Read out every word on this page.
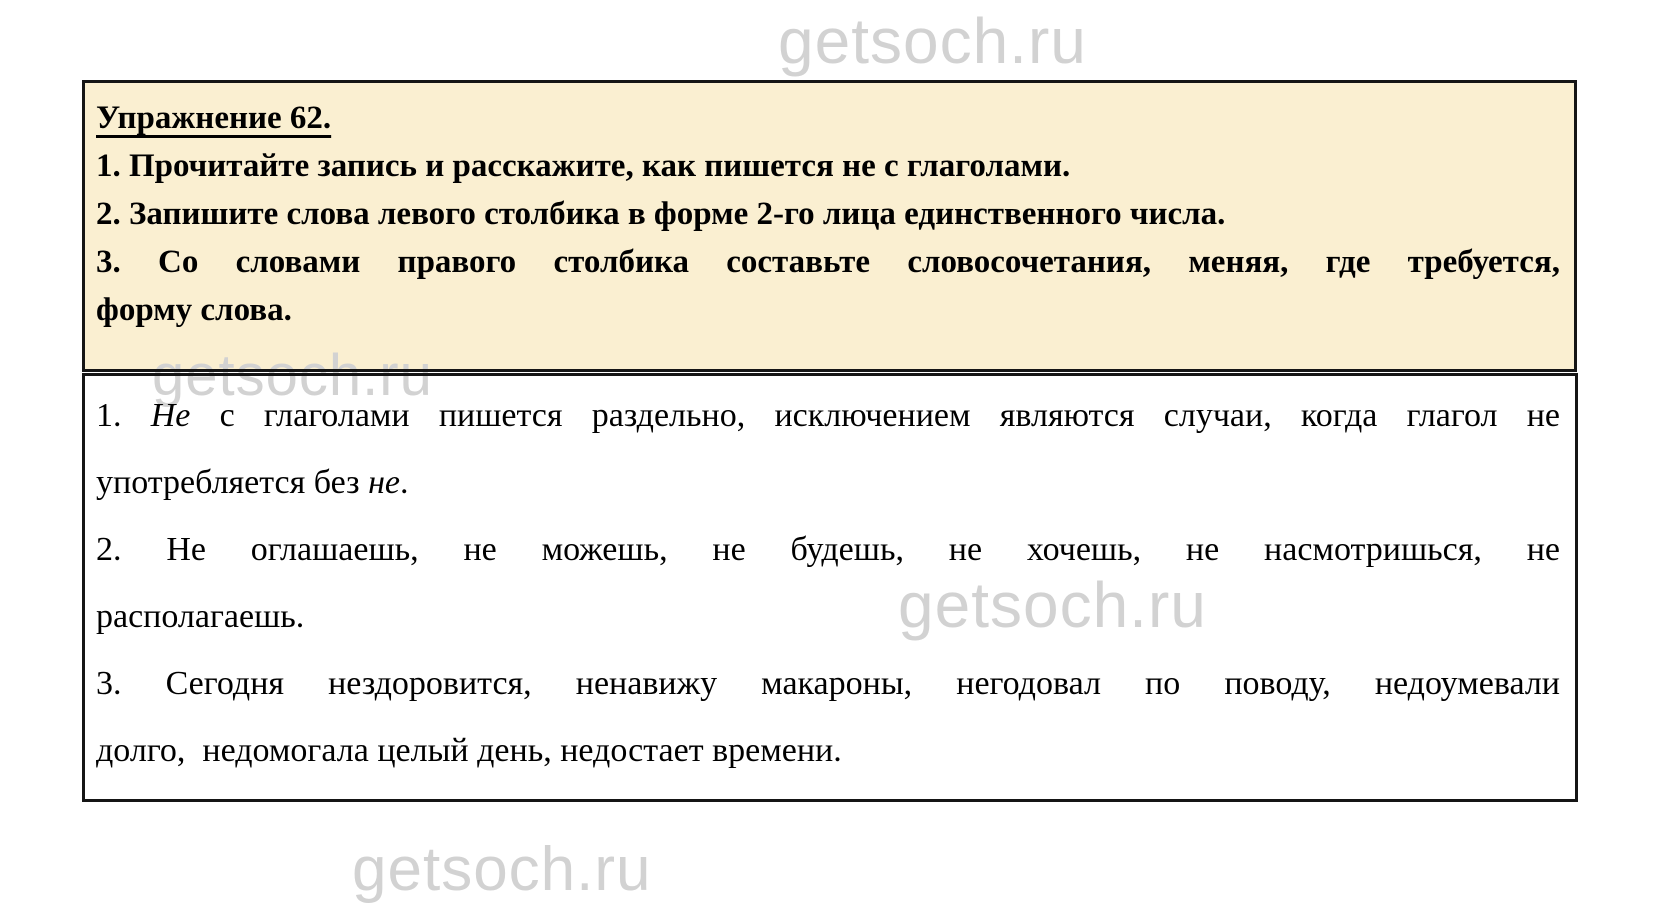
getsoch.ru
getsoch.ru
getsoch.ru
getsoch.ru
Упражнение 62.
1. Прочитайте запись и расскажите, как пишется не с глаголами.
2. Запишите слова левого столбика в форме 2-го лица единственного числа.
3. Со словами правого столбика составьте словосочетания, меняя, где требуется,
форму слова.
1. Не с глаголами пишется раздельно, исключением являются случаи, когда глагол не
употребляется без не.
2. Не оглашаешь, не можешь, не будешь, не хочешь, не насмотришься, не
располагаешь.
3. Сегодня нездоровится, ненавижу макароны, негодовал по поводу, недоумевали
долго,  недомогала целый день, недостает времени.
